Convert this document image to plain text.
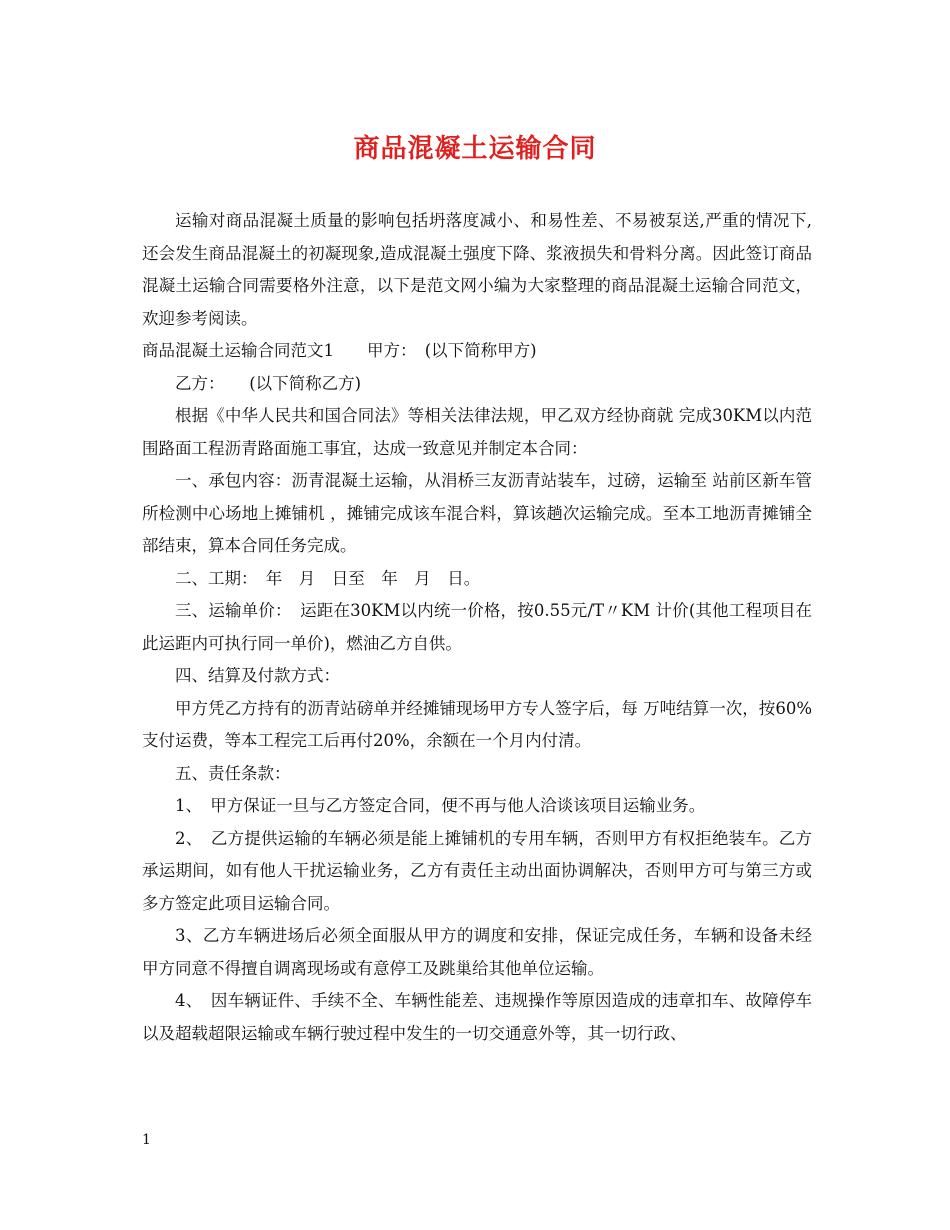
商品混凝土运输合同

运输对商品混凝土质量的影响包括坍落度减小、和易性差、不易被泵送,严重的情况下,还会发生商品混凝土的初凝现象,造成混凝土强度下降、浆液损失和骨料分离。因此签订商品混凝土运输合同需要格外注意，以下是范文网小编为大家整理的商品混凝土运输合同范文，欢迎参考阅读。

商品混凝土运输合同范文1　　甲方：　(以下简称甲方)

乙方：　　(以下简称乙方)

根据《中华人民共和国合同法》等相关法律法规，甲乙双方经协商就 完成30KM以内范围路面工程沥青路面施工事宜，达成一致意见并制定本合同：

一、承包内容：沥青混凝土运输，从涓桥三友沥青站装车，过磅，运输至 站前区新车管所检测中心场地上摊铺机 ，摊铺完成该车混合料，算该趟次运输完成。至本工地沥青摊铺全部结束，算本合同任务完成。

二、工期：　年　月　日至　年　月　日。

三、运输单价：　运距在30KM以内统一价格，按0.55元/T〃KM 计价(其他工程项目在此运距内可执行同一单价)，燃油乙方自供。

四、结算及付款方式：

甲方凭乙方持有的沥青站磅单并经摊铺现场甲方专人签字后，每 万吨结算一次，按60%支付运费，等本工程完工后再付20%，余额在一个月内付清。

五、责任条款：

1、　甲方保证一旦与乙方签定合同，便不再与他人洽谈该项目运输业务。

2、　乙方提供运输的车辆必须是能上摊铺机的专用车辆，否则甲方有权拒绝装车。乙方承运期间，如有他人干扰运输业务，乙方有责任主动出面协调解决，否则甲方可与第三方或多方签定此项目运输合同。

3、乙方车辆进场后必须全面服从甲方的调度和安排，保证完成任务，车辆和设备未经甲方同意不得擅自调离现场或有意停工及跳巢给其他单位运输。

4、　因车辆证件、手续不全、车辆性能差、违规操作等原因造成的违章扣车、故障停车以及超载超限运输或车辆行驶过程中发生的一切交通意外等，其一切行政、

1
